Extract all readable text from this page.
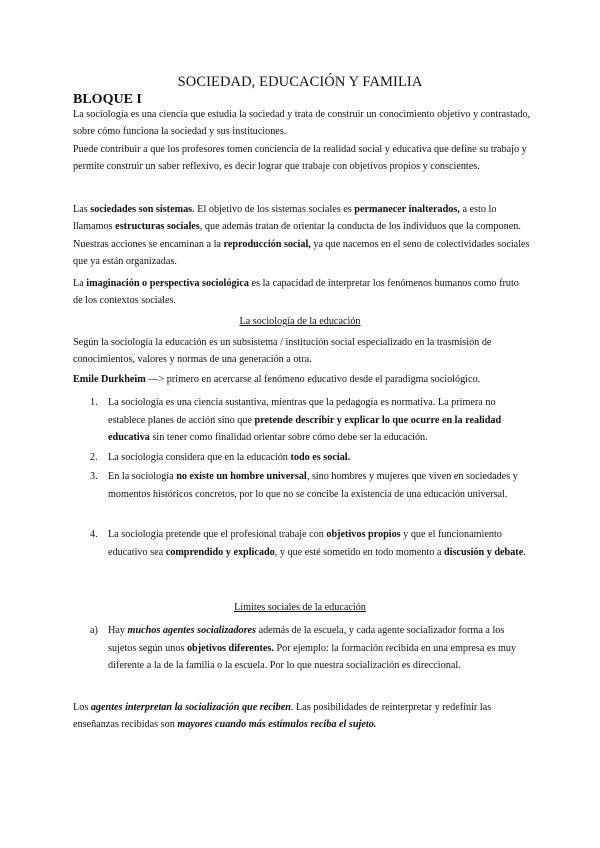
SOCIEDAD, EDUCACIÓN Y FAMILIA
BLOQUE I

La sociología es una ciencia que estudia la sociedad y trata de construir un conocimiento objetivo y contrastado, sobre cómo funciona la sociedad y sus instituciones.

Puede contribuir a que los profesores tomen conciencia de la realidad social y educativa que define su trabajo y permite construir un saber reflexivo, es decir lograr que trabaje con objetivos propios y conscientes.

Las sociedades son sistemas. El objetivo de los sistemas sociales es permanecer inalterados, a esto lo llamamos estructuras sociales, que además tratan de orientar la conducta de los individuos que la componen. Nuestras acciones se encaminan a la reproducción social, ya que nacemos en el seno de colectividades sociales que ya están organizadas.

La imaginación o perspectiva sociológica es la capacidad de interpretar los fenómenos humanos como fruto de los contextos sociales.

La sociología de la educación

Según la sociología la educación es un subsistema / institución social especializado en la trasmisión de conocimientos, valores y normas de una generación a otra.

Emile Durkheim —> primero en acercarse al fenómeno educativo desde el paradigma sociológico.

1.	La sociología es una ciencia sustantiva, mientras que la pedagogía es normativa. La primera no establece planes de acción sino que pretende describir y explicar lo que ocurre en la realidad educativa sin tener como finalidad orientar sobre cómo debe ser la educación.
2.	La sociología considera que en la educación todo es social.
3.	En la sociología no existe un hombre universal, sino hombres y mujeres que viven en sociedades y momentos históricos concretos, por lo que no se concibe la existencia de una educación universal.
4.	La sociología pretende que el profesional trabaje con objetivos propios y que el funcionamiento educativo sea comprendido y explicado, y que esté sometido en todo momento a discusión y debate.
Límites sociales de la educación
a) Hay muchos agentes socializadores además de la escuela, y cada agente socializador forma a los sujetos según unos objetivos diferentes. Por ejemplo: la formación recibida en una empresa es muy diferente a la de la familia o la escuela. Por lo que nuestra socialización es direccional.

Los agentes interpretan la socialización que reciben. Las posibilidades de reinterpretar y redefinir las enseñanzas recibidas son mayores cuando más estímulos reciba el sujeto.
